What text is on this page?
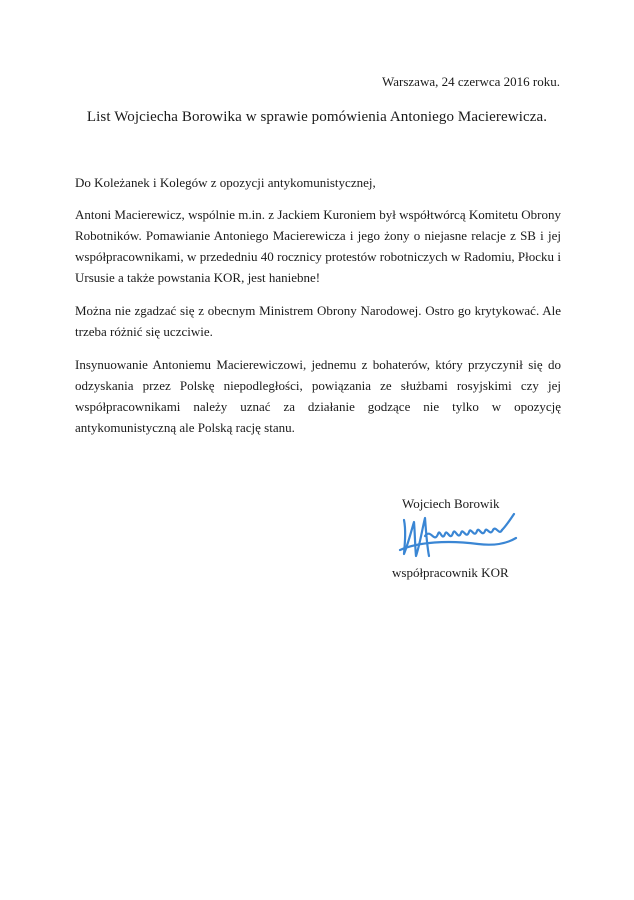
Warszawa, 24 czerwca 2016 roku.
List Wojciecha Borowika w sprawie pomówienia Antoniego Macierewicza.

Do Koleżanek i Kolegów z opozycji antykomunistycznej,

Antoni Macierewicz, wspólnie m.in. z Jackiem Kuroniem był współtwórcą Komitetu Obrony Robotników. Pomawianie Antoniego Macierewicza i jego żony o niejasne relacje z SB i jej współpracownikami, w przededniu 40 rocznicy protestów robotniczych w Radomiu, Płocku i Ursusie a także powstania KOR, jest haniebne!

Można nie zgadzać się z obecnym Ministrem Obrony Narodowej. Ostro go krytykować. Ale trzeba różnić się uczciwie.

Insynuowanie Antoniemu Macierewiczowi, jednemu z bohaterów, który przyczynił się do odzyskania przez Polskę niepodległości, powiązania ze służbami rosyjskimi czy jej współpracownikami należy uznać za działanie godzące nie tylko w opozycję antykomunistyczną ale Polską rację stanu.

Wojciech Borowik
współpracownik KOR
